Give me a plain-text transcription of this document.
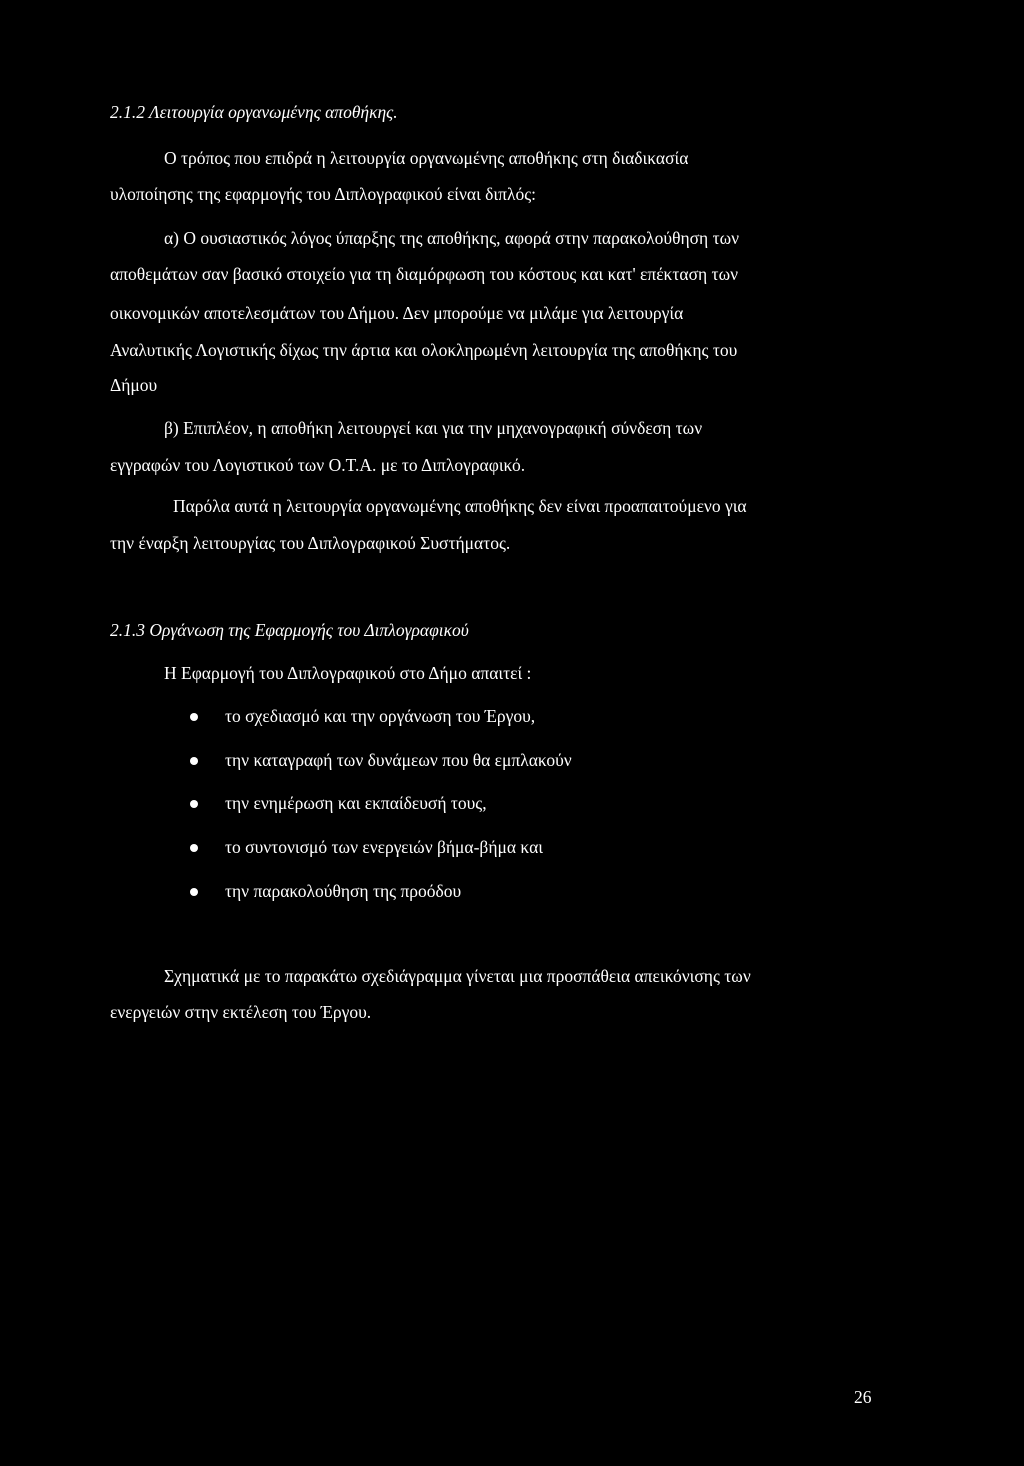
2.1.2 Λειτουργία οργανωμένης αποθήκης.
Ο τρόπος που επιδρά η λειτουργία οργανωμένης αποθήκης στη διαδικασία
υλοποίησης της εφαρμογής του Διπλογραφικού είναι διπλός:
α) Ο ουσιαστικός λόγος ύπαρξης της αποθήκης, αφορά στην παρακολούθηση των
αποθεμάτων σαν βασικό στοιχείο για τη διαμόρφωση του κόστους και κατ' επέκταση των
οικονομικών αποτελεσμάτων του Δήμου. Δεν μπορούμε να μιλάμε για λειτουργία
Αναλυτικής Λογιστικής δίχως την άρτια και ολοκληρωμένη λειτουργία της αποθήκης του
Δήμου
β) Επιπλέον, η αποθήκη λειτουργεί και για την μηχανογραφική σύνδεση των
εγγραφών του Λογιστικού των Ο.Τ.Α. με το Διπλογραφικό.
Παρόλα αυτά η λειτουργία οργανωμένης αποθήκης δεν είναι προαπαιτούμενο για
την έναρξη λειτουργίας του Διπλογραφικού Συστήματος.
2.1.3 Οργάνωση της Εφαρμογής του Διπλογραφικού
Η Εφαρμογή του Διπλογραφικού στο Δήμο απαιτεί :
το σχεδιασμό και την οργάνωση του Έργου,
την καταγραφή των δυνάμεων που θα εμπλακούν
την ενημέρωση και εκπαίδευσή τους,
το συντονισμό των ενεργειών βήμα-βήμα και
την παρακολούθηση της προόδου
Σχηματικά με το παρακάτω σχεδιάγραμμα γίνεται μια προσπάθεια απεικόνισης των
ενεργειών στην εκτέλεση του Έργου.
26
